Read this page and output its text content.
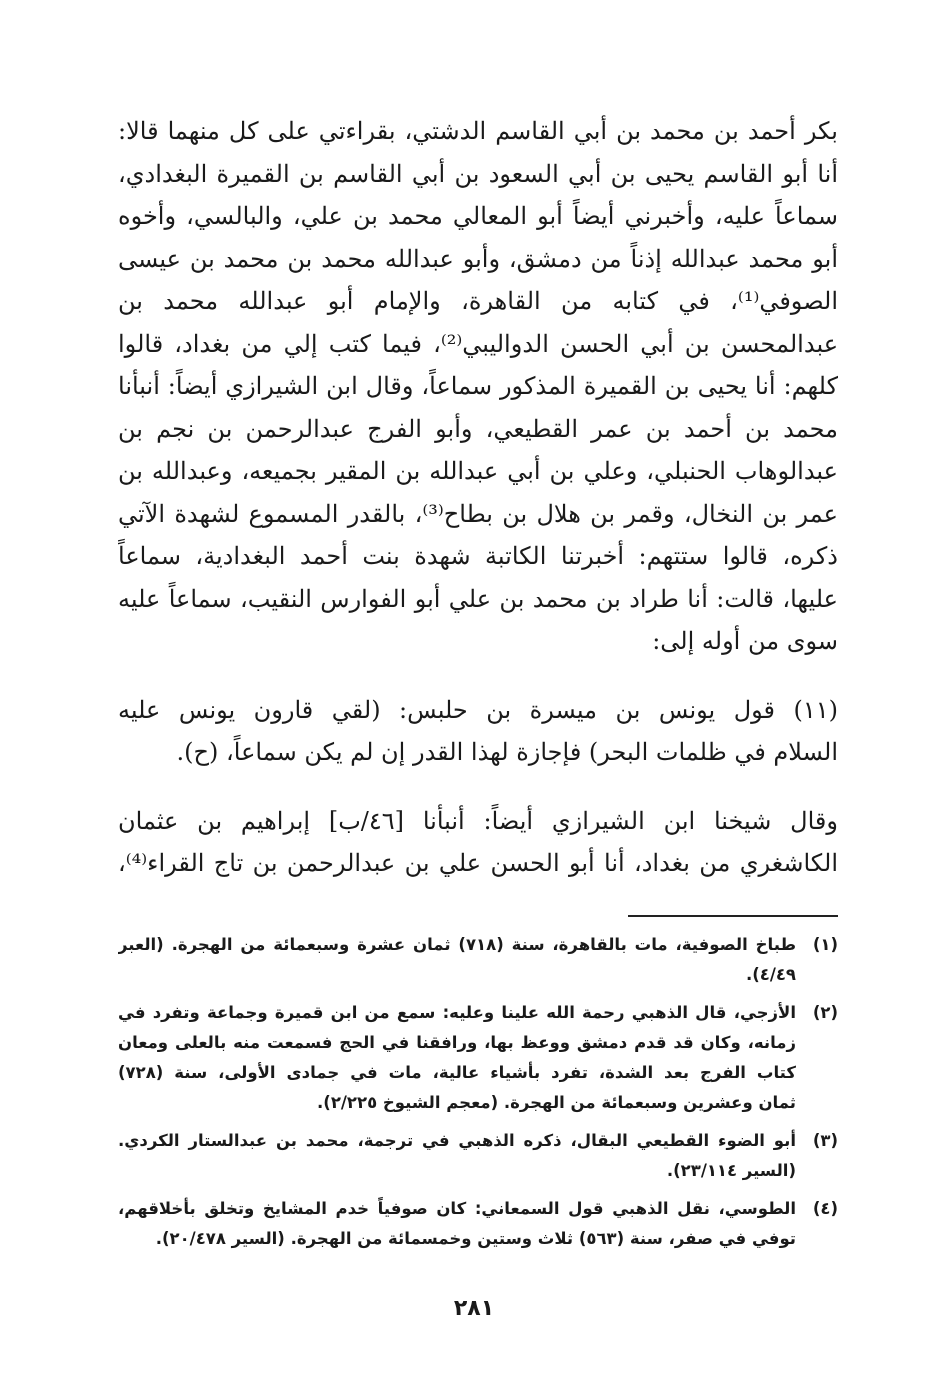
بكر أحمد بن محمد بن أبي القاسم الدشتي، بقراءتي على كل منهما قالا:
أنا أبو القاسم يحيى بن أبي السعود بن أبي القاسم بن القميرة البغدادي،
سماعاً عليه، وأخبرني أيضاً أبو المعالي محمد بن علي، والبالسي، وأخوه
أبو محمد عبدالله إذناً من دمشق، وأبو عبدالله محمد بن محمد بن عيسى
الصوفي⁽¹⁾، في كتابه من القاهرة، والإمام أبو عبدالله محمد بن
عبدالمحسن بن أبي الحسن الدواليبي⁽²⁾، فيما كتب إلي من بغداد، قالوا
كلهم: أنا يحيى بن القميرة المذكور سماعاً، وقال ابن الشيرازي أيضاً: أنبأنا
محمد بن أحمد بن عمر القطيعي، وأبو الفرج عبدالرحمن بن نجم بن
عبدالوهاب الحنبلي، وعلي بن أبي عبدالله بن المقير بجميعه، وعبدالله بن
عمر بن النخال، وقمر بن هلال بن بطاح⁽³⁾، بالقدر المسموع لشهدة الآتي
ذكره، قالوا ستتهم: أخبرتنا الكاتبة شهدة بنت أحمد البغدادية، سماعاً
عليها، قالت: أنا طراد بن محمد بن علي أبو الفوارس النقيب، سماعاً عليه
سوى من أوله إلى:
(١١) قول يونس بن ميسرة بن حلبس: (لقي قارون يونس عليه
السلام في ظلمات البحر) فإجازة لهذا القدر إن لم يكن سماعاً، (ح).
وقال شيخنا ابن الشيرازي أيضاً: أنبأنا [٤٦/ب] إبراهيم بن عثمان
الكاشغري من بغداد، أنا أبو الحسن علي بن عبدالرحمن بن تاج القراء⁽⁴⁾،
(١)
طباخ الصوفية، مات بالقاهرة، سنة (٧١٨) ثمان عشرة وسبعمائة من الهجرة. (العبر
٤/٤٩).
(٢)
الأزجي، قال الذهبي رحمة الله علينا وعليه: سمع من ابن قميرة وجماعة وتفرد في
زمانه، وكان قد قدم دمشق ووعظ بها، ورافقنا في الحج فسمعت منه بالعلى ومعان
كتاب الفرج بعد الشدة، تفرد بأشياء عالية، مات في جمادى الأولى، سنة (٧٢٨)
ثمان وعشرين وسبعمائة من الهجرة. (معجم الشيوخ ٢/٢٢٥).
(٣)
أبو الضوء القطيعي البقال، ذكره الذهبي في ترجمة، محمد بن عبدالستار الكردي.
(السير ٢٣/١١٤).
(٤)
الطوسي، نقل الذهبي قول السمعاني: كان صوفياً خدم المشايخ وتخلق بأخلاقهم،
توفي في صفر، سنة (٥٦٣) ثلاث وستين وخمسمائة من الهجرة. (السير ٢٠/٤٧٨).
٢٨١
